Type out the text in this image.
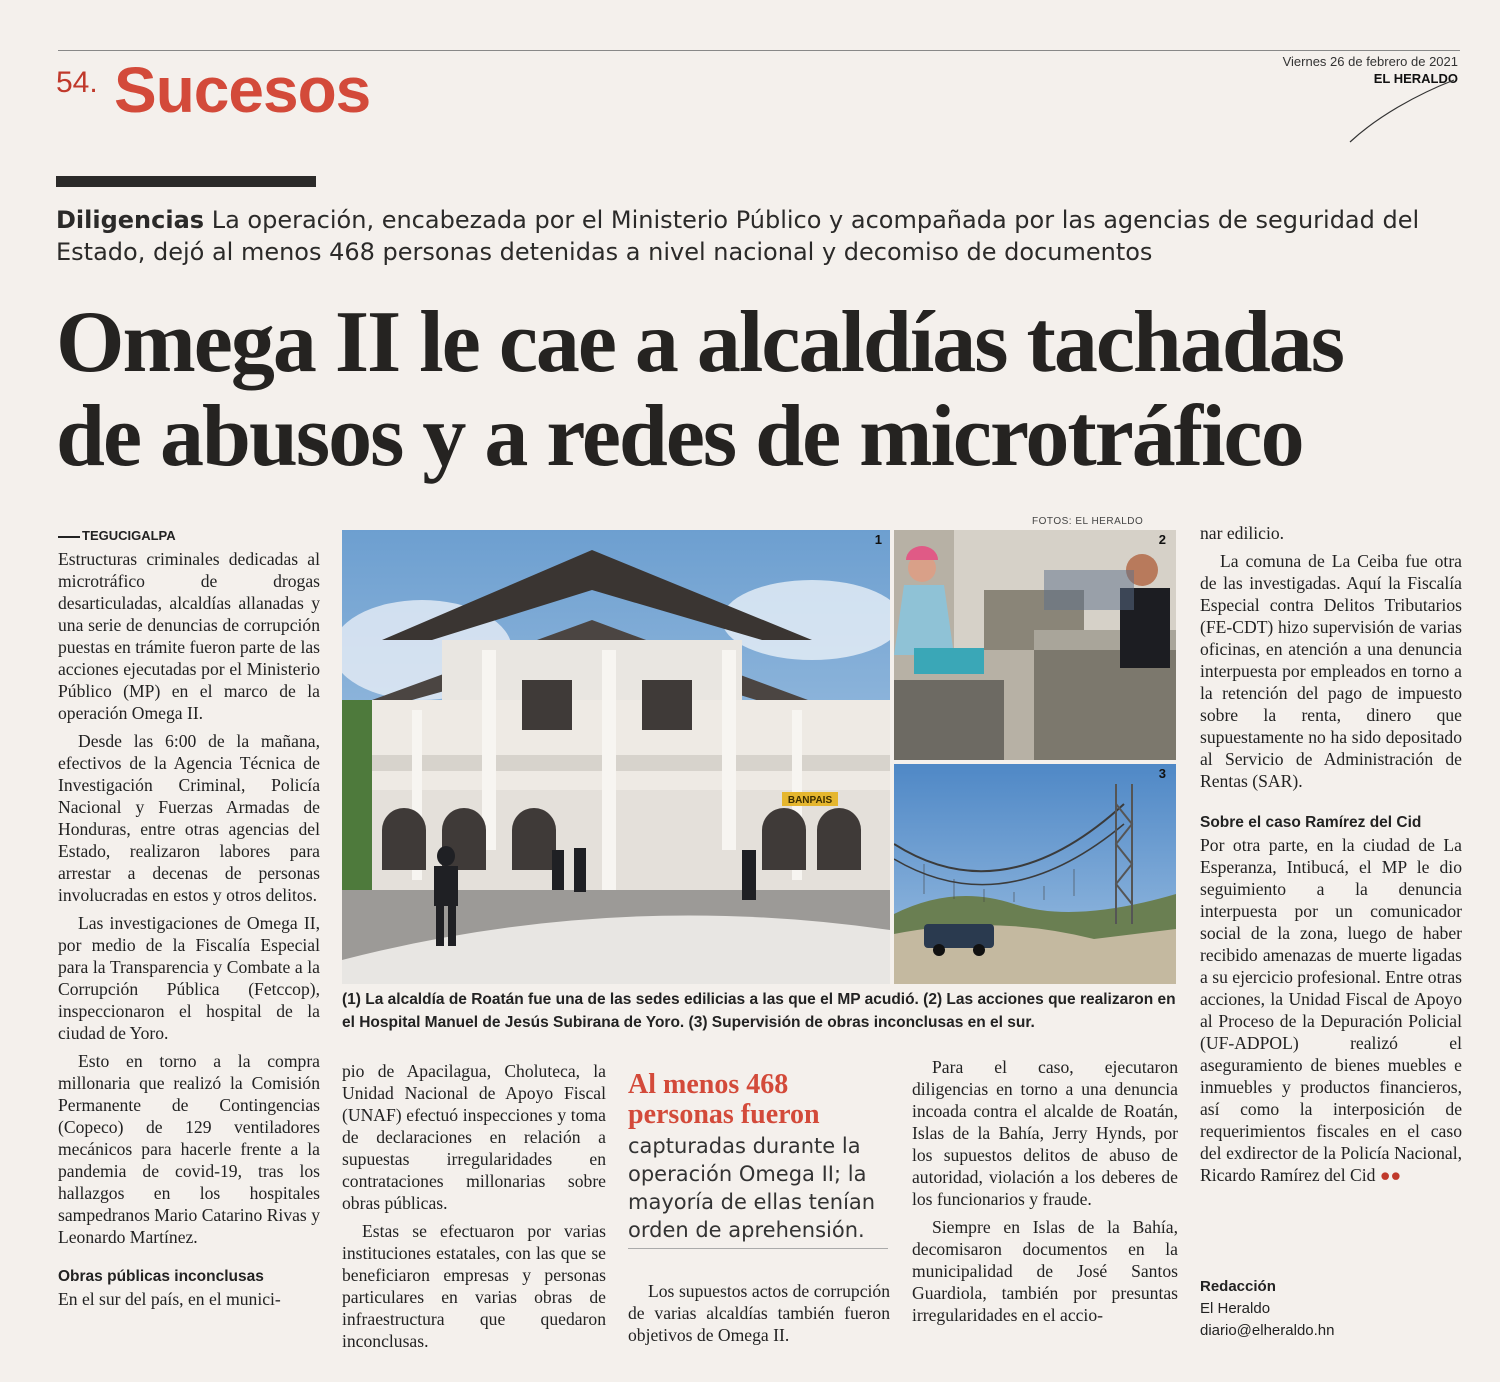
54. Sucesos	Viernes 26 de febrero de 2021
EL HERALDO
Diligencias La operación, encabezada por el Ministerio Público y acompañada por las agencias de seguridad del Estado, dejó al menos 468 personas detenidas a nivel nacional y decomiso de documentos
Omega II le cae a alcaldías tachadas
de abusos y a redes de microtráfico
TEGUCIGALPA

Estructuras criminales dedicadas al microtráfico de drogas desarticuladas, alcaldías allanadas y una serie de denuncias de corrupción puestas en trámite fueron parte de las acciones ejecutadas por el Ministerio Público (MP) en el marco de la operación Omega II.

Desde las 6:00 de la mañana, efectivos de la Agencia Técnica de Investigación Criminal, Policía Nacional y Fuerzas Armadas de Honduras, entre otras agencias del Estado, realizaron labores para arrestar a decenas de personas involucradas en estos y otros delitos.

Las investigaciones de Omega II, por medio de la Fiscalía Especial para la Transparencia y Combate a la Corrupción Pública (Fetccop), inspeccionaron el hospital de la ciudad de Yoro.

Esto en torno a la compra millonaria que realizó la Comisión Permanente de Contingencias (Copeco) de 129 ventiladores mecánicos para hacerle frente a la pandemia de covid-19, tras los hallazgos en los hospitales sampedranos Mario Catarino Rivas y Leonardo Martínez.

Obras públicas inconclusas

En el sur del país, en el munici-

FOTOS: EL HERALDO
BANPAIS
1	2
3
(1) La alcaldía de Roatán fue una de las sedes edilicias a las que el MP acudió. (2) Las acciones que realizaron en el Hospital Manuel de Jesús Subirana de Yoro. (3) Supervisión de obras inconclusas en el sur.

pio de Apacilagua, Choluteca, la Unidad Nacional de Apoyo Fiscal (UNAF) efectuó inspecciones y toma de declaraciones en relación a supuestas irregularidades en contrataciones millonarias sobre obras públicas.

Estas se efectuaron por varias instituciones estatales, con las que se beneficiaron empresas y personas particulares en varias obras de infraestructura que quedaron inconclusas.

Al menos 468 personas fueron
capturadas durante la operación Omega II; la mayoría de ellas tenían orden de aprehensión.

Los supuestos actos de corrupción de varias alcaldías también fueron objetivos de Omega II.

Para el caso, ejecutaron diligencias en torno a una denuncia incoada contra el alcalde de Roatán, Islas de la Bahía, Jerry Hynds, por los supuestos delitos de abuso de autoridad, violación a los deberes de los funcionarios y fraude.

Siempre en Islas de la Bahía, decomisaron documentos en la municipalidad de José Santos Guardiola, también por presuntas irregularidades en el accio-

nar edilicio.

La comuna de La Ceiba fue otra de las investigadas. Aquí la Fiscalía Especial contra Delitos Tributarios (FE-CDT) hizo supervisión de varias oficinas, en atención a una denuncia interpuesta por empleados en torno a la retención del pago de impuesto sobre la renta, dinero que supuestamente no ha sido depositado al Servicio de Administración de Rentas (SAR).

Sobre el caso Ramírez del Cid

Por otra parte, en la ciudad de La Esperanza, Intibucá, el MP le dio seguimiento a la denuncia interpuesta por un comunicador social de la zona, luego de haber recibido amenazas de muerte ligadas a su ejercicio profesional. Entre otras acciones, la Unidad Fiscal de Apoyo al Proceso de la Depuración Policial (UF-ADPOL) realizó el aseguramiento de bienes muebles e inmuebles y productos financieros, así como la interposición de requerimientos fiscales en el caso del exdirector de la Policía Nacional, Ricardo Ramírez del Cid ●●

Redacción
El Heraldo
diario@elheraldo.hn
